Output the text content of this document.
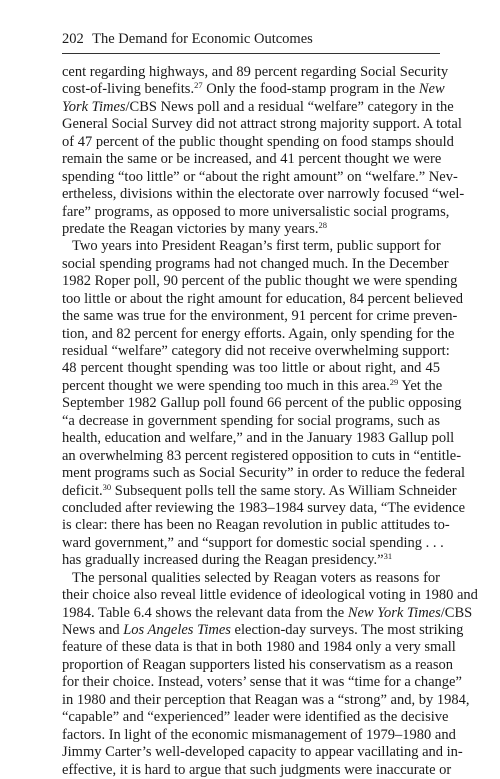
202 The Demand for Economic Outcomes
cent regarding highways, and 89 percent regarding Social Security
cost-of-living benefits.$^{27}$ Only the food-stamp program in the New
York Times/CBS News poll and a residual “welfare” category in the
General Social Survey did not attract strong majority support. A total
of 47 percent of the public thought spending on food stamps should
remain the same or be increased, and 41 percent thought we were
spending “too little” or “about the right amount” on “welfare.” Nev-
ertheless, divisions within the electorate over narrowly focused “wel-
fare” programs, as opposed to more universalistic social programs,
predate the Reagan victories by many years.$^{28}$
Two years into President Reagan’s first term, public support for
social spending programs had not changed much. In the December
1982 Roper poll, 90 percent of the public thought we were spending
too little or about the right amount for education, 84 percent believed
the same was true for the environment, 91 percent for crime preven-
tion, and 82 percent for energy efforts. Again, only spending for the
residual “welfare” category did not receive overwhelming support:
48 percent thought spending was too little or about right, and 45
percent thought we were spending too much in this area.$^{29}$ Yet the
September 1982 Gallup poll found 66 percent of the public opposing
“a decrease in government spending for social programs, such as
health, education and welfare,” and in the January 1983 Gallup poll
an overwhelming 83 percent registered opposition to cuts in “entitle-
ment programs such as Social Security” in order to reduce the federal
deficit.$^{30}$ Subsequent polls tell the same story. As William Schneider
concluded after reviewing the 1983–1984 survey data, “The evidence
is clear: there has been no Reagan revolution in public attitudes to-
ward government,” and “support for domestic social spending . . .
has gradually increased during the Reagan presidency.”$^{31}$
The personal qualities selected by Reagan voters as reasons for
their choice also reveal little evidence of ideological voting in 1980 and
1984. Table 6.4 shows the relevant data from the New York Times/CBS
News and Los Angeles Times election-day surveys. The most striking
feature of these data is that in both 1980 and 1984 only a very small
proportion of Reagan supporters listed his conservatism as a reason
for their choice. Instead, voters’ sense that it was “time for a change”
in 1980 and their perception that Reagan was a “strong” and, by 1984,
“capable” and “experienced” leader were identified as the decisive
factors. In light of the economic mismanagement of 1979–1980 and
Jimmy Carter’s well-developed capacity to appear vacillating and in-
effective, it is hard to argue that such judgments were inaccurate or
